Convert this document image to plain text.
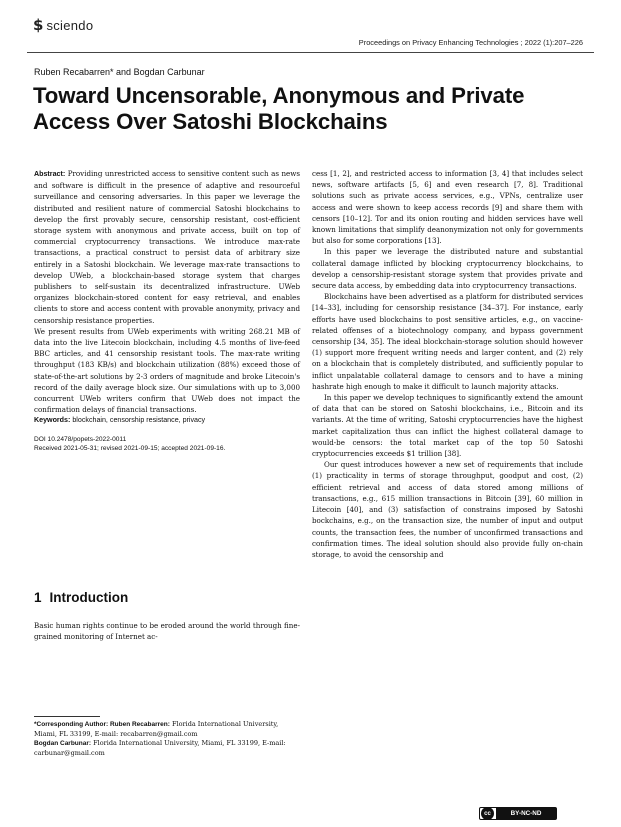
$ sciendo
Proceedings on Privacy Enhancing Technologies ; 2022 (1):207–226
Ruben Recabarren* and Bogdan Carbunar
Toward Uncensorable, Anonymous and Private Access Over Satoshi Blockchains

Abstract: Providing unrestricted access to sensitive content such as news and software is difficult in the presence of adaptive and resourceful surveillance and censoring adversaries. In this paper we leverage the distributed and resilient nature of commercial Satoshi blockchains to develop the first provably secure, censorship resistant, cost-efficient storage system with anonymous and private access, built on top of commercial cryptocurrency transactions. We introduce max-rate transactions, a practical construct to persist data of arbitrary size entirely in a Satoshi blockchain. We leverage max-rate transactions to develop UWeb, a blockchain-based storage system that charges publishers to self-sustain its decentralized infrastructure. UWeb organizes blockchain-stored content for easy retrieval, and enables clients to store and access content with provable anonymity, privacy and censorship resistance properties.

We present results from UWeb experiments with writing 268.21 MB of data into the live Litecoin blockchain, including 4.5 months of live-feed BBC articles, and 41 censorship resistant tools. The max-rate writing throughput (183 KB/s) and blockchain utilization (88%) exceed those of state-of-the-art solutions by 2-3 orders of magnitude and broke Litecoin's record of the daily average block size. Our simulations with up to 3,000 concurrent UWeb writers confirm that UWeb does not impact the confirmation delays of financial transactions.

Keywords: blockchain, censorship resistance, privacy

DOI 10.2478/popets-2022-0011
Received 2021-05-31; revised 2021-09-15; accepted 2021-09-16.
1 Introduction

Basic human rights continue to be eroded around the world through fine-grained monitoring of Internet ac-

*Corresponding Author: Ruben Recabarren: Florida International University, Miami, FL 33199, E-mail: recabarren@gmail.com
Bogdan Carbunar: Florida International University, Miami, FL 33199, E-mail: carbunar@gmail.com

cess [1, 2], and restricted access to information [3, 4] that includes select news, software artifacts [5, 6] and even research [7, 8]. Traditional solutions such as private access services, e.g., VPNs, centralize user access and were shown to keep access records [9] and share them with censors [10–12]. Tor and its onion routing and hidden services have well known limitations that simplify deanonymization not only for governments but also for some corporations [13].

In this paper we leverage the distributed nature and substantial collateral damage inflicted by blocking cryptocurrency blockchains, to develop a censorship-resistant storage system that provides private and secure data access, by embedding data into cryptocurrency transactions.

Blockchains have been advertised as a platform for distributed services [14–33], including for censorship resistance [34–37]. For instance, early efforts have used blockchains to post sensitive articles, e.g., on vaccine-related offenses of a biotechnology company, and bypass government censorship [34, 35]. The ideal blockchain-storage solution should however (1) support more frequent writing needs and larger content, and (2) rely on a blockchain that is completely distributed, and sufficiently popular to inflict unpalatable collateral damage to censors and to have a mining hashrate high enough to make it difficult to launch majority attacks.

In this paper we develop techniques to significantly extend the amount of data that can be stored on Satoshi blockchains, i.e., Bitcoin and its variants. At the time of writing, Satoshi cryptocurrencies have the highest market capitalization thus can inflict the highest collateral damage to would-be censors: the total market cap of the top 50 Satoshi cryptocurrencies exceeds $1 trillion [38].

Our quest introduces however a new set of requirements that include (1) practicality in terms of storage throughput, goodput and cost, (2) efficient retrieval and access of data stored among millions of transactions, e.g., 615 million transactions in Bitcoin [39], 60 million in Litecoin [40], and (3) satisfaction of constrains imposed by Satoshi bockchains, e.g., on the transaction size, the number of input and output counts, the transaction fees, the number of unconfirmed transactions and confirmation times. The ideal solution should also provide fully on-chain storage, to avoid the censorship and

cc	BY-NC-ND
